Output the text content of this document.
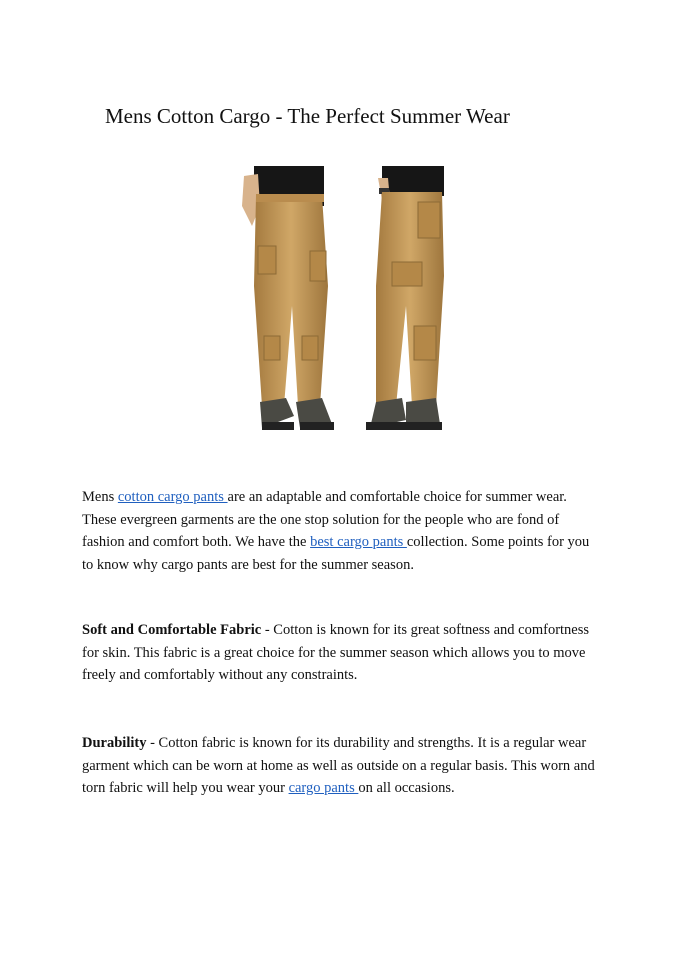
Mens Cotton Cargo - The Perfect Summer Wear
Mens cotton cargo pants are an adaptable and comfortable choice for summer wear. These evergreen garments are the one stop solution for the people who are fond of fashion and comfort both. We have the best cargo pants collection. Some points for you to know why cargo pants are best for the summer season.
Soft and Comfortable Fabric - Cotton is known for its great softness and comfortness for skin. This fabric is a great choice for the summer season which allows you to move freely and comfortably without any constraints.
Durability - Cotton fabric is known for its durability and strengths. It is a regular wear garment which can be worn at home as well as outside on a regular basis. This worn and torn fabric will help you wear your cargo pants on all occasions.
